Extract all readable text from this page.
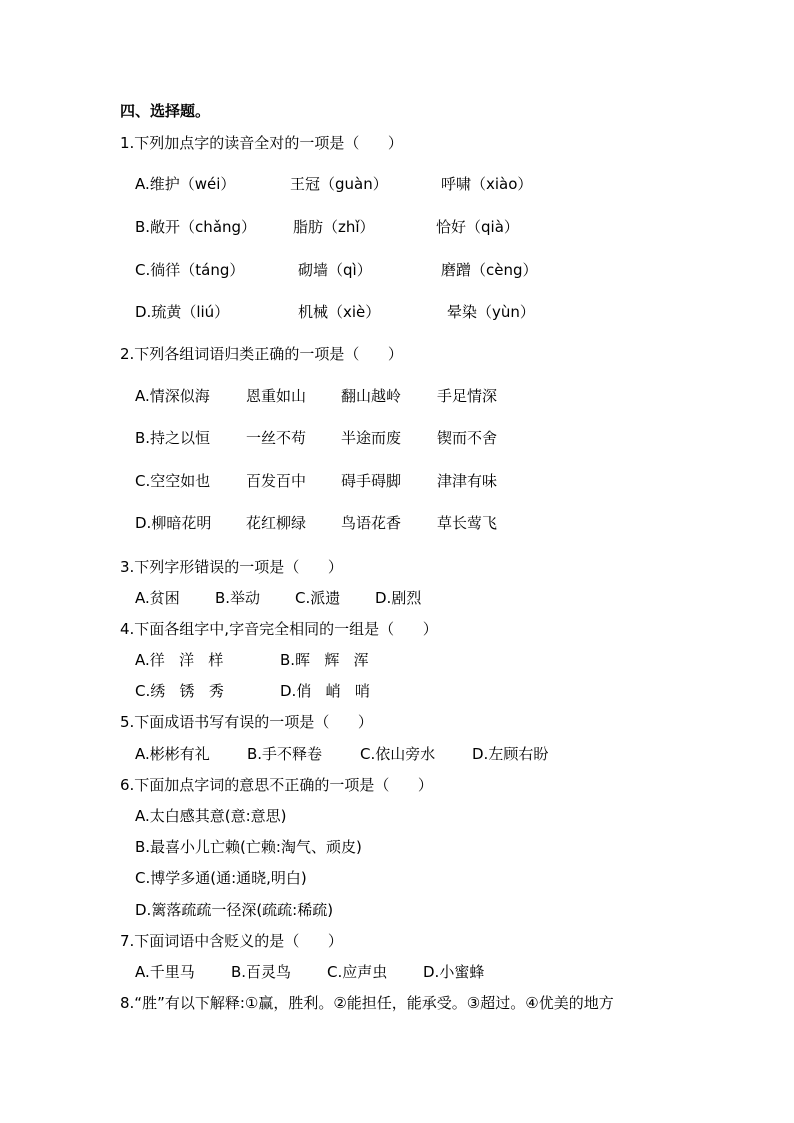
四、选择题。
1.下列加点字的读音全对的一项是（      ）
A.维护（wéi）	王冠（guàn）	呼啸（xiào）
B.敞开（chǎng） 脂肪（zhǐ）	恰好（qià）
C.徜徉（táng）	砌墙（qì）	磨蹭（cèng）
D.琉黄（liú）	机械（xiè）	晕染（yùn）
2.下列各组词语归类正确的一项是（      ）
A.情深似海 恩重如山 翻山越岭 手足情深
B.持之以恒 一丝不苟 半途而废 锲而不舍
C.空空如也 百发百中 碍手碍脚 津津有味
D.柳暗花明 花红柳绿 鸟语花香 草长莺飞
3.下列字形错误的一项是（      ）
A.贫困 B.举动 C.派遗 D.剧烈
4.下面各组字中,字音完全相同的一组是（      ）
A.徉   洋   样	B.晖   辉   浑
C.绣   锈   秀	D.俏   峭   哨
5.下面成语书写有误的一项是（      ）
A.彬彬有礼 B.手不释卷	C.依山旁水 D.左顾右盼
6.下面加点字词的意思不正确的一项是（      ）
A.太白感其意(意:意思)
B.最喜小儿亡赖(亡赖:淘气、顽皮)
C.博学多通(通:通晓,明白)
D.篱落疏疏一径深(疏疏:稀疏)
7.下面词语中含贬义的是（      ）
A.千里马 B.百灵鸟 C.应声虫 D.小蜜蜂
8.“胜”有以下解释:①赢，胜利。②能担任，能承受。③超过。④优美的地方
